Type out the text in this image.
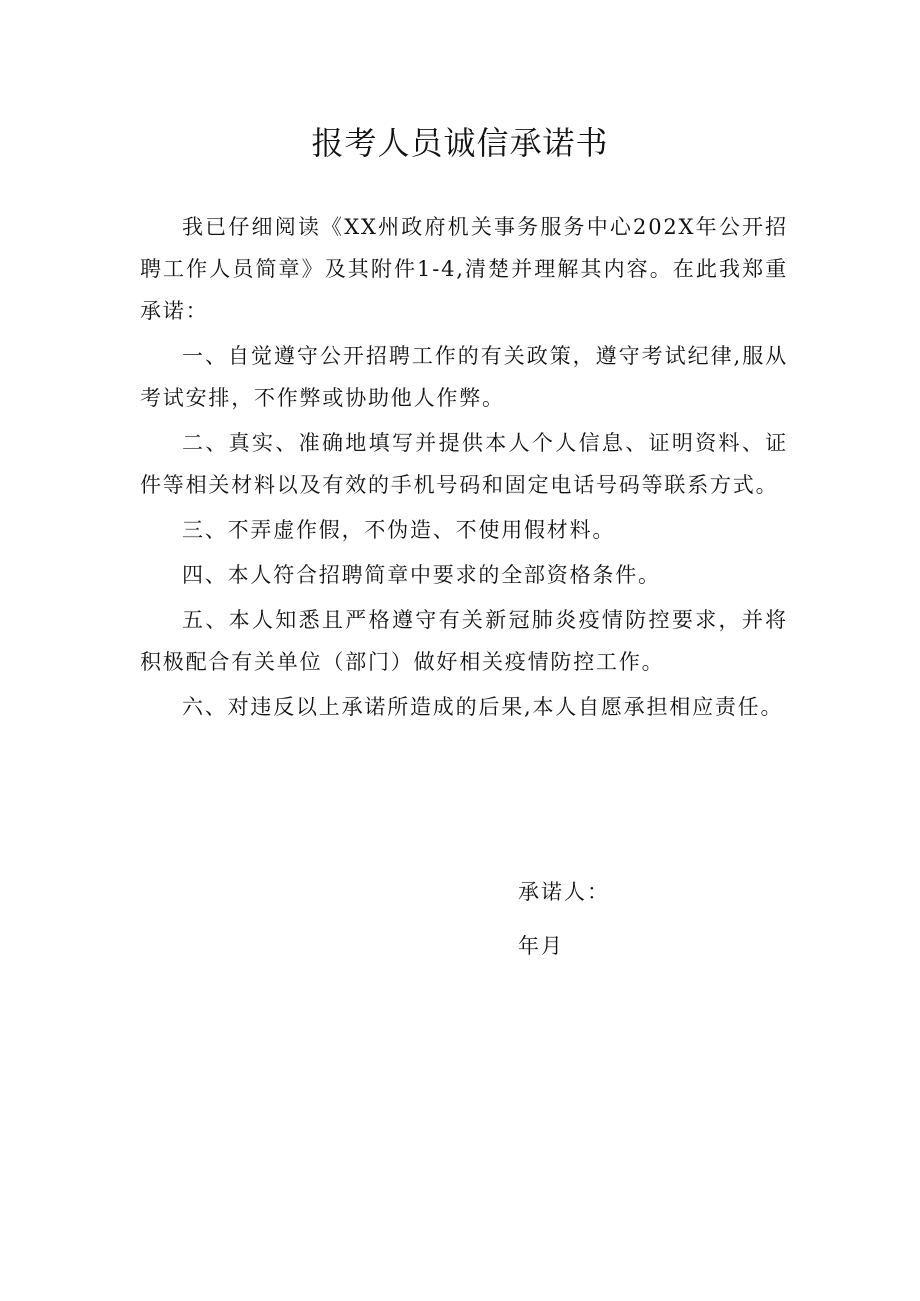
报考人员诚信承诺书

我已仔细阅读《XX州政府机关事务服务中心202X年公开招聘工作人员简章》及其附件1-4,清楚并理解其内容。在此我郑重承诺：

一、自觉遵守公开招聘工作的有关政策，遵守考试纪律,服从考试安排，不作弊或协助他人作弊。

二、真实、准确地填写并提供本人个人信息、证明资料、证件等相关材料以及有效的手机号码和固定电话号码等联系方式。

三、不弄虚作假，不伪造、不使用假材料。

四、本人符合招聘简章中要求的全部资格条件。

五、本人知悉且严格遵守有关新冠肺炎疫情防控要求，并将积极配合有关单位（部门）做好相关疫情防控工作。

六、对违反以上承诺所造成的后果,本人自愿承担相应责任。

承诺人：
年月
